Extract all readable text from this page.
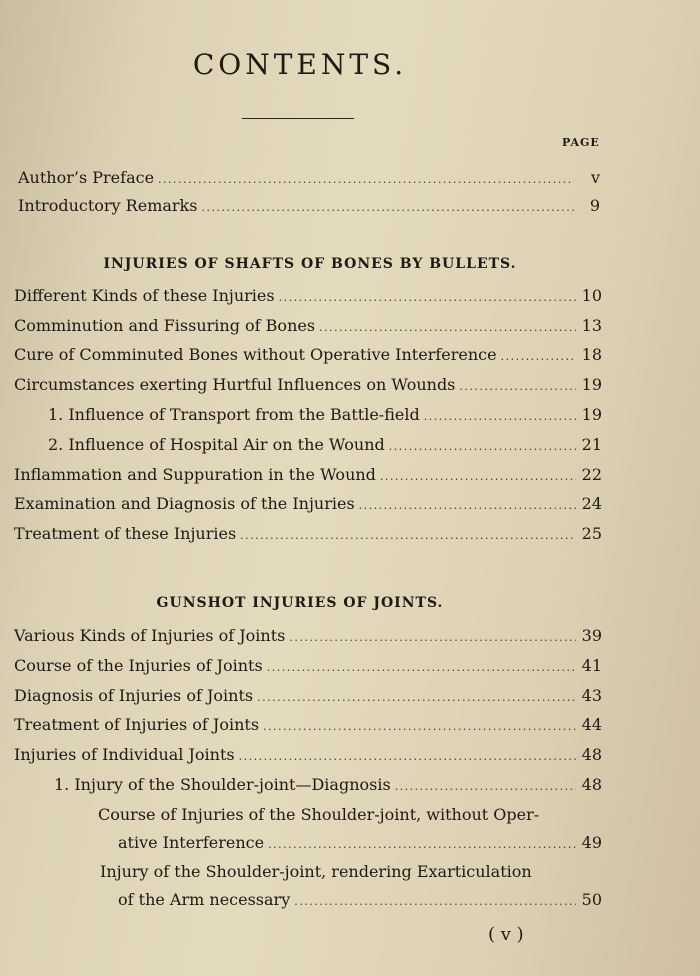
CONTENTS.
PAGE
Author’s Preface .....	v
Introductory Remarks .....	9
INJURIES OF SHAFTS OF BONES BY BULLETS.
Different Kinds of these Injuries .....	10
Comminution and Fissuring of Bones .....	13
Cure of Comminuted Bones without Operative Interference .....	18
Circumstances exerting Hurtful Influences on Wounds .....	19
1. Influence of Transport from the Battle-field .....	19
2. Influence of Hospital Air on the Wound .....	21
Inflammation and Suppuration in the Wound .....	22
Examination and Diagnosis of the Injuries .....	24
Treatment of these Injuries .....	25
GUNSHOT INJURIES OF JOINTS.
Various Kinds of Injuries of Joints .....	39
Course of the Injuries of Joints .....	41
Diagnosis of Injuries of Joints .....	43
Treatment of Injuries of Joints .....	44
Injuries of Individual Joints .....	48
1. Injury of the Shoulder-joint—Diagnosis .....	48
Course of Injuries of the Shoulder-joint, without Oper-
ative Interference .....	49
Injury of the Shoulder-joint, rendering Exarticulation
of the Arm necessary .....	50
( v )
